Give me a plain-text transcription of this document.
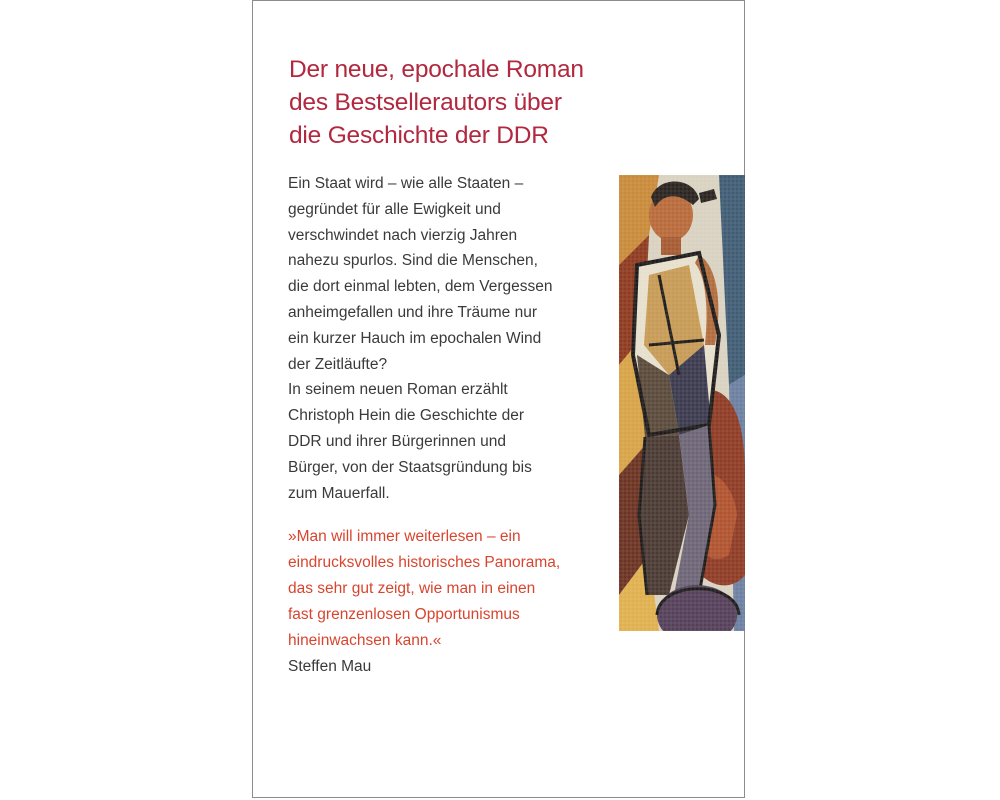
Der neue, epochale Roman
des Bestsellerautors über
die Geschichte der DDR

Ein Staat wird – wie alle Staaten –
gegründet für alle Ewigkeit und
verschwindet nach vierzig Jahren
nahezu spurlos. Sind die Menschen,
die dort einmal lebten, dem Vergessen
anheimgefallen und ihre Träume nur
ein kurzer Hauch im epochalen Wind
der Zeitläufte?
In seinem neuen Roman erzählt
Christoph Hein die Geschichte der
DDR und ihrer Bürgerinnen und
Bürger, von der Staatsgründung bis
zum Mauerfall.

»Man will immer weiterlesen – ein
eindrucksvolles historisches Panorama,
das sehr gut zeigt, wie man in einen
fast grenzenlosen Opportunismus
hineinwachsen kann.«

Steffen Mau
